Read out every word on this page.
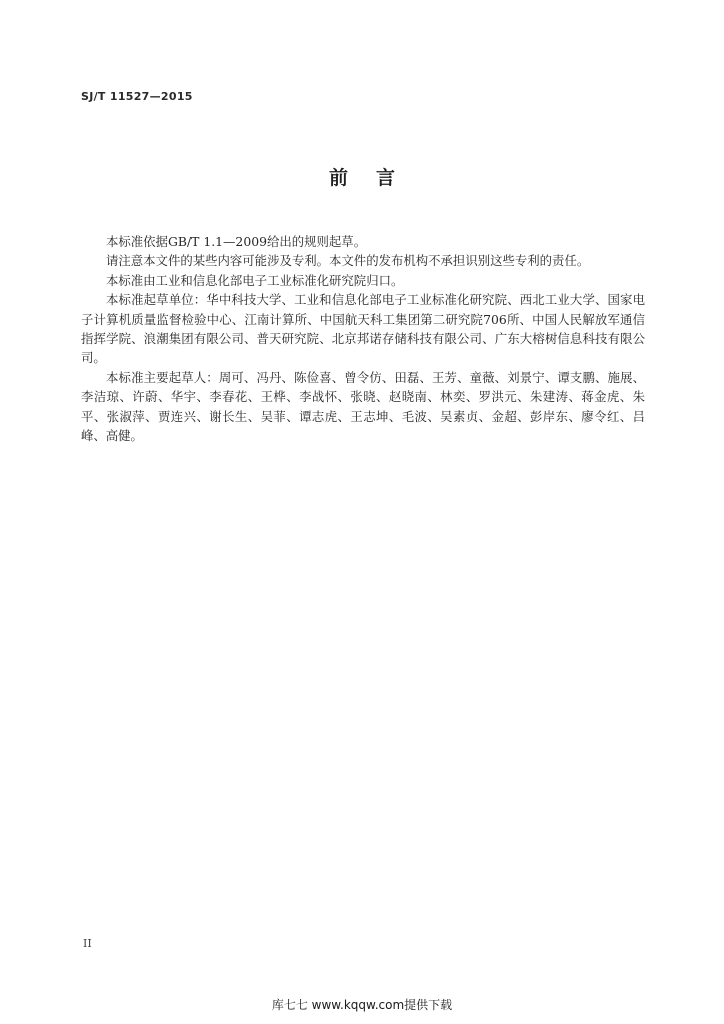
SJ/T 11527—2015
前言

本标准依据GB/T 1.1—2009给出的规则起草。

请注意本文件的某些内容可能涉及专利。本文件的发布机构不承担识别这些专利的责任。

本标准由工业和信息化部电子工业标准化研究院归口。

本标准起草单位：华中科技大学、工业和信息化部电子工业标准化研究院、西北工业大学、国家电子计算机质量监督检验中心、江南计算所、中国航天科工集团第二研究院706所、中国人民解放军通信指挥学院、浪潮集团有限公司、普天研究院、北京邦诺存储科技有限公司、广东大榕树信息科技有限公司。

本标准主要起草人：周可、冯丹、陈俭喜、曾令仿、田磊、王芳、童薇、刘景宁、谭支鹏、施展、李洁琼、许蔚、华宇、李春花、王桦、李战怀、张晓、赵晓南、林奕、罗洪元、朱建涛、蒋金虎、朱平、张淑萍、贾连兴、谢长生、吴菲、谭志虎、王志坤、毛波、吴素贞、金超、彭岸东、廖令红、吕峰、高健。

II
库七七 www.kqqw.com提供下载
